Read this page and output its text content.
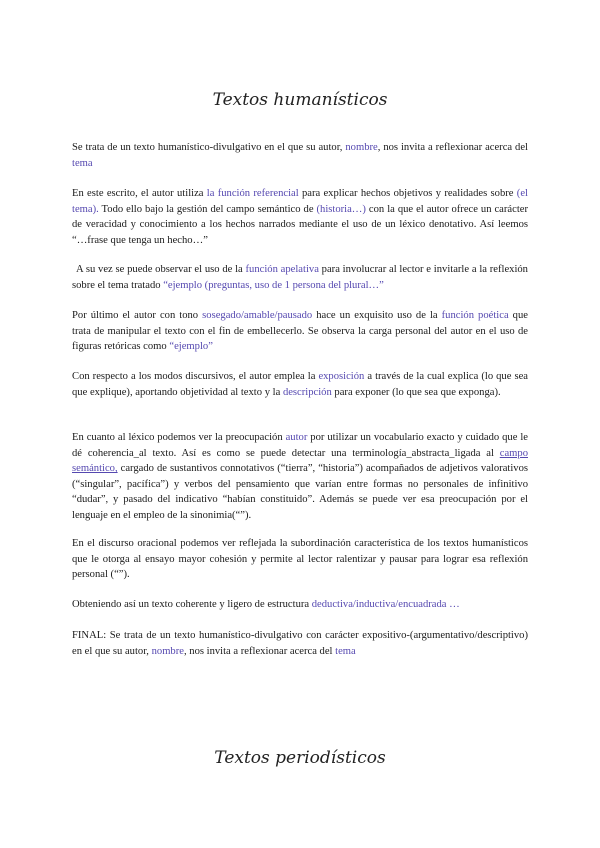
Textos humanísticos

Se trata de un texto humanístico-divulgativo en el que su autor, nombre, nos invita a reflexionar acerca del tema

En este escrito, el autor utiliza la función referencial para explicar hechos objetivos y realidades sobre (el tema). Todo ello bajo la gestión del campo semántico de (historia…) con la que el autor ofrece un carácter de veracidad y conocimiento a los hechos narrados mediante el uso de un léxico denotativo. Así leemos “…frase que tenga un hecho…”

A su vez se puede observar el uso de la función apelativa para involucrar al lector e invitarle a la reflexión sobre el tema tratado “ejemplo (preguntas, uso de 1 persona del plural…”

Por último el autor con tono sosegado/amable/pausado hace un exquisito uso de la función poética que trata de manipular el texto con el fin de embellecerlo. Se observa la carga personal del autor en el uso de figuras retóricas como “ejemplo”

Con respecto a los modos discursivos, el autor emplea la exposición a través de la cual explica (lo que sea que explique), aportando objetividad al texto y la descripción para exponer (lo que sea que exponga).

En cuanto al léxico podemos ver la preocupación autor por utilizar un vocabulario exacto y cuidado que le dé coherencia_al texto. Así es como se puede detectar una terminología_abstracta_ligada al campo semántico, cargado de sustantivos connotativos (“tierra”, “historia”) acompañados de adjetivos valorativos (“singular”, pacífica”) y verbos del pensamiento que varían entre formas no personales de infinitivo “dudar”, y pasado del indicativo “habían constituido”. Además se puede ver esa preocupación por el lenguaje en el empleo de la sinonimia(“”).

En el discurso oracional podemos ver reflejada la subordinación característica de los textos humanísticos que le otorga al ensayo mayor cohesión y permite al lector ralentizar y pausar para lograr esa reflexión personal (“”).

Obteniendo así un texto coherente y ligero de estructura deductiva/inductiva/encuadrada …

FINAL: Se trata de un texto humanístico-divulgativo con carácter expositivo-(argumentativo/descriptivo) en el que su autor, nombre, nos invita a reflexionar acerca del tema

Textos periodísticos
